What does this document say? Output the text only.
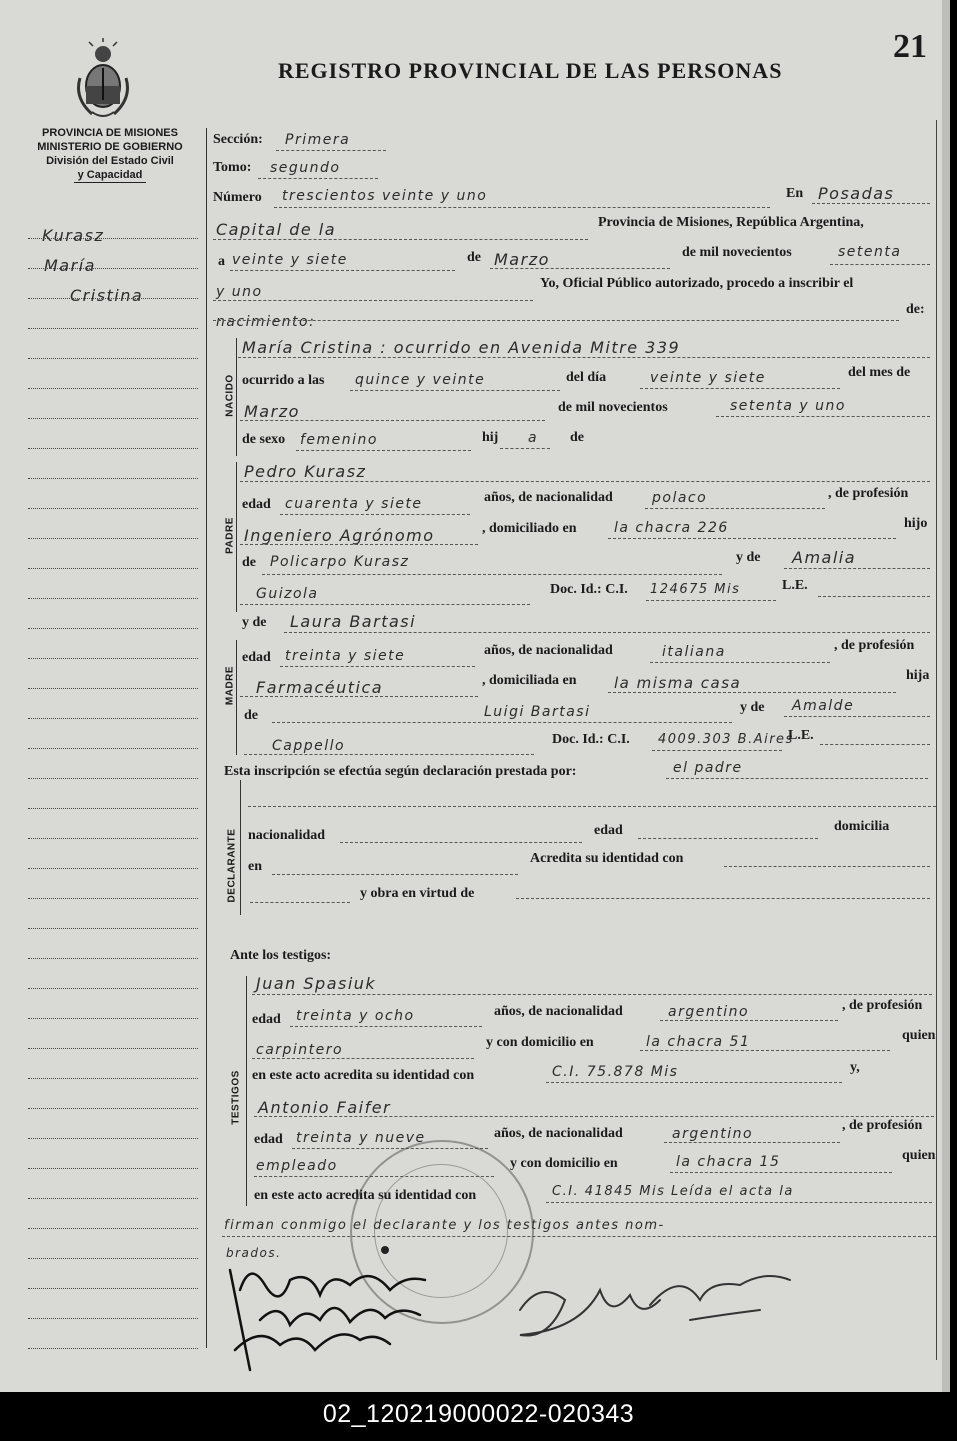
21
REGISTRO PROVINCIAL DE LAS PERSONAS
PROVINCIA DE MISIONES
MINISTERIO DE GOBIERNO
División del Estado Civil
y Capacidad
Kurasz
María
Cristina
Sección: Primera
Tomo: segundo
Número trescientos veinte y uno	En Posadas
Capital de la	Provincia de Misiones, República Argentina,
a veinte y siete	de Marzo	de mil novecientos	setenta
y uno
Yo, Oficial Público autorizado, procedo a inscribir el
nacimiento:
de:
NACIDO
María Cristina : ocurrido en Avenida Mitre 339
ocurrido a las quince y veinte	del día	veinte y siete	del mes de
Marzo	de mil novecientos	setenta y uno
de sexo femenino	hij a de
PADRE
Pedro Kurasz
edad cuarenta y siete	años, de nacionalidad	polaco	, de profesión
Ingeniero Agrónomo	, domiciliado en	la chacra 226	hijo
de Policarpo Kurasz	y de Amalia
Guizola	Doc. Id.: C.I. 124675 Mis	L.E.
MADRE
y de Laura Bartasi
edad treinta y siete	años, de nacionalidad	italiana	, de profesión
Farmacéutica	, domiciliada en la misma casa	hija
de	Luigi Bartasi	y de Amalde
Cappello	Doc. Id.: C.I. 4009.303 B.Aires
L.E.
Esta inscripción se efectúa según declaración prestada por:	el padre
DECLARANTE nacionalidad	edad	domicilia
en
Acredita su identidad con
y obra en virtud de
Ante los testigos:
TESTIGOS
Juan Spasiuk
edad treinta y ocho	años, de nacionalidad	argentino	, de profesión
carpintero	y con domicilio en	la chacra 51	quien
en este acto acredita su identidad con	C.I. 75.878 Mis	y,
Antonio Faifer
edad treinta y nueve	años, de nacionalidad	argentino
, de profesión
empleado	y con domicilio en	la chacra 15	quien
en este acto acredita su identidad con	C.I. 41845 Mis Leída el acta la
firman conmigo el declarante y los testigos antes nom-
brados.
02_120219000022-020343
